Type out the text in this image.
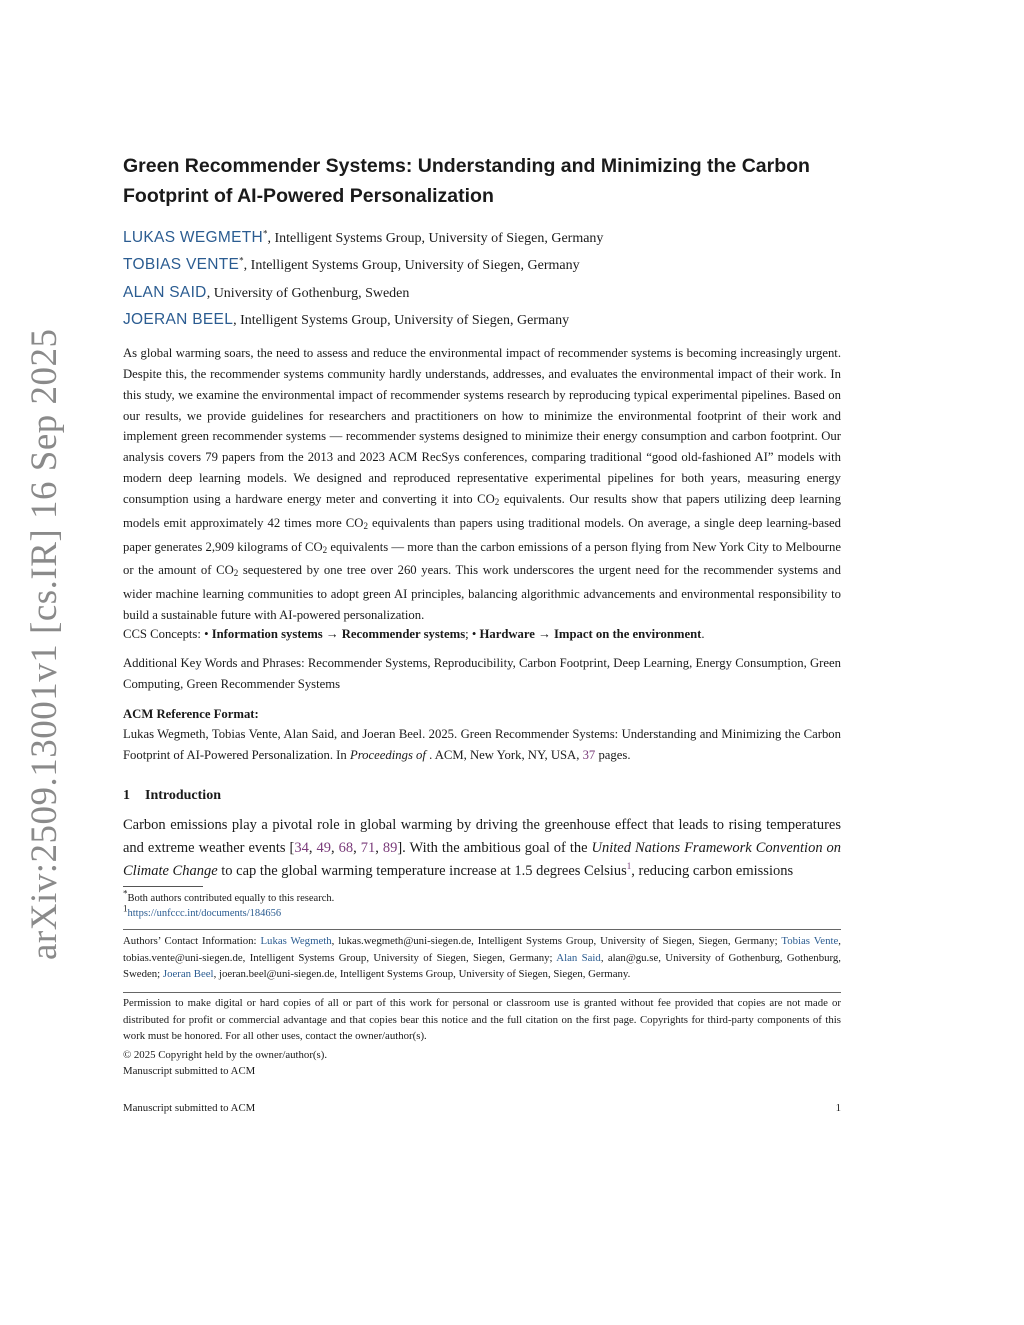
arXiv:2509.13001v1 [cs.IR] 16 Sep 2025
Green Recommender Systems: Understanding and Minimizing the Carbon Footprint of AI-Powered Personalization
LUKAS WEGMETH*, Intelligent Systems Group, University of Siegen, Germany
TOBIAS VENTE*, Intelligent Systems Group, University of Siegen, Germany
ALAN SAID, University of Gothenburg, Sweden
JOERAN BEEL, Intelligent Systems Group, University of Siegen, Germany

As global warming soars, the need to assess and reduce the environmental impact of recommender systems is becoming increasingly urgent. Despite this, the recommender systems community hardly understands, addresses, and evaluates the environmental impact of their work. In this study, we examine the environmental impact of recommender systems research by reproducing typical experimental pipelines. Based on our results, we provide guidelines for researchers and practitioners on how to minimize the environmental footprint of their work and implement green recommender systems — recommender systems designed to minimize their energy consumption and carbon footprint. Our analysis covers 79 papers from the 2013 and 2023 ACM RecSys conferences, comparing traditional “good old-fashioned AI” models with modern deep learning models. We designed and reproduced representative experimental pipelines for both years, measuring energy consumption using a hardware energy meter and converting it into $CO_2$ equivalents. Our results show that papers utilizing deep learning models emit approximately 42 times more $CO_2$ equivalents than papers using traditional models. On average, a single deep learning-based paper generates 2,909 kilograms of $CO_2$ equivalents — more than the carbon emissions of a person flying from New York City to Melbourne or the amount of $CO_2$ sequestered by one tree over 260 years. This work underscores the urgent need for the recommender systems and wider machine learning communities to adopt green AI principles, balancing algorithmic advancements and environmental responsibility to build a sustainable future with AI-powered personalization.

CCS Concepts: • Information systems → Recommender systems; • Hardware → Impact on the environment.

Additional Key Words and Phrases: Recommender Systems, Reproducibility, Carbon Footprint, Deep Learning, Energy Consumption, Green Computing, Green Recommender Systems

ACM Reference Format:

Lukas Wegmeth, Tobias Vente, Alan Said, and Joeran Beel. 2025. Green Recommender Systems: Understanding and Minimizing the Carbon Footprint of AI-Powered Personalization. In Proceedings of . ACM, New York, NY, USA, 37 pages.

1 Introduction

Carbon emissions play a pivotal role in global warming by driving the greenhouse effect that leads to rising temperatures and extreme weather events [34, 49, 68, 71, 89]. With the ambitious goal of the United Nations Framework Convention on Climate Change to cap the global warming temperature increase at 1.5 degrees Celsius$^1$, reducing carbon emissions

*Both authors contributed equally to this research.
$^1$https://unfccc.int/documents/184656

Authors’ Contact Information: Lukas Wegmeth, lukas.wegmeth@uni-siegen.de, Intelligent Systems Group, University of Siegen, Siegen, Germany; Tobias Vente, tobias.vente@uni-siegen.de, Intelligent Systems Group, University of Siegen, Siegen, Germany; Alan Said, alan@gu.se, University of Gothenburg, Gothenburg, Sweden; Joeran Beel, joeran.beel@uni-siegen.de, Intelligent Systems Group, University of Siegen, Siegen, Germany.

Permission to make digital or hard copies of all or part of this work for personal or classroom use is granted without fee provided that copies are not made or distributed for profit or commercial advantage and that copies bear this notice and the full citation on the first page. Copyrights for third-party components of this work must be honored. For all other uses, contact the owner/author(s).

© 2025 Copyright held by the owner/author(s).
Manuscript submitted to ACM
Manuscript submitted to ACM	1
